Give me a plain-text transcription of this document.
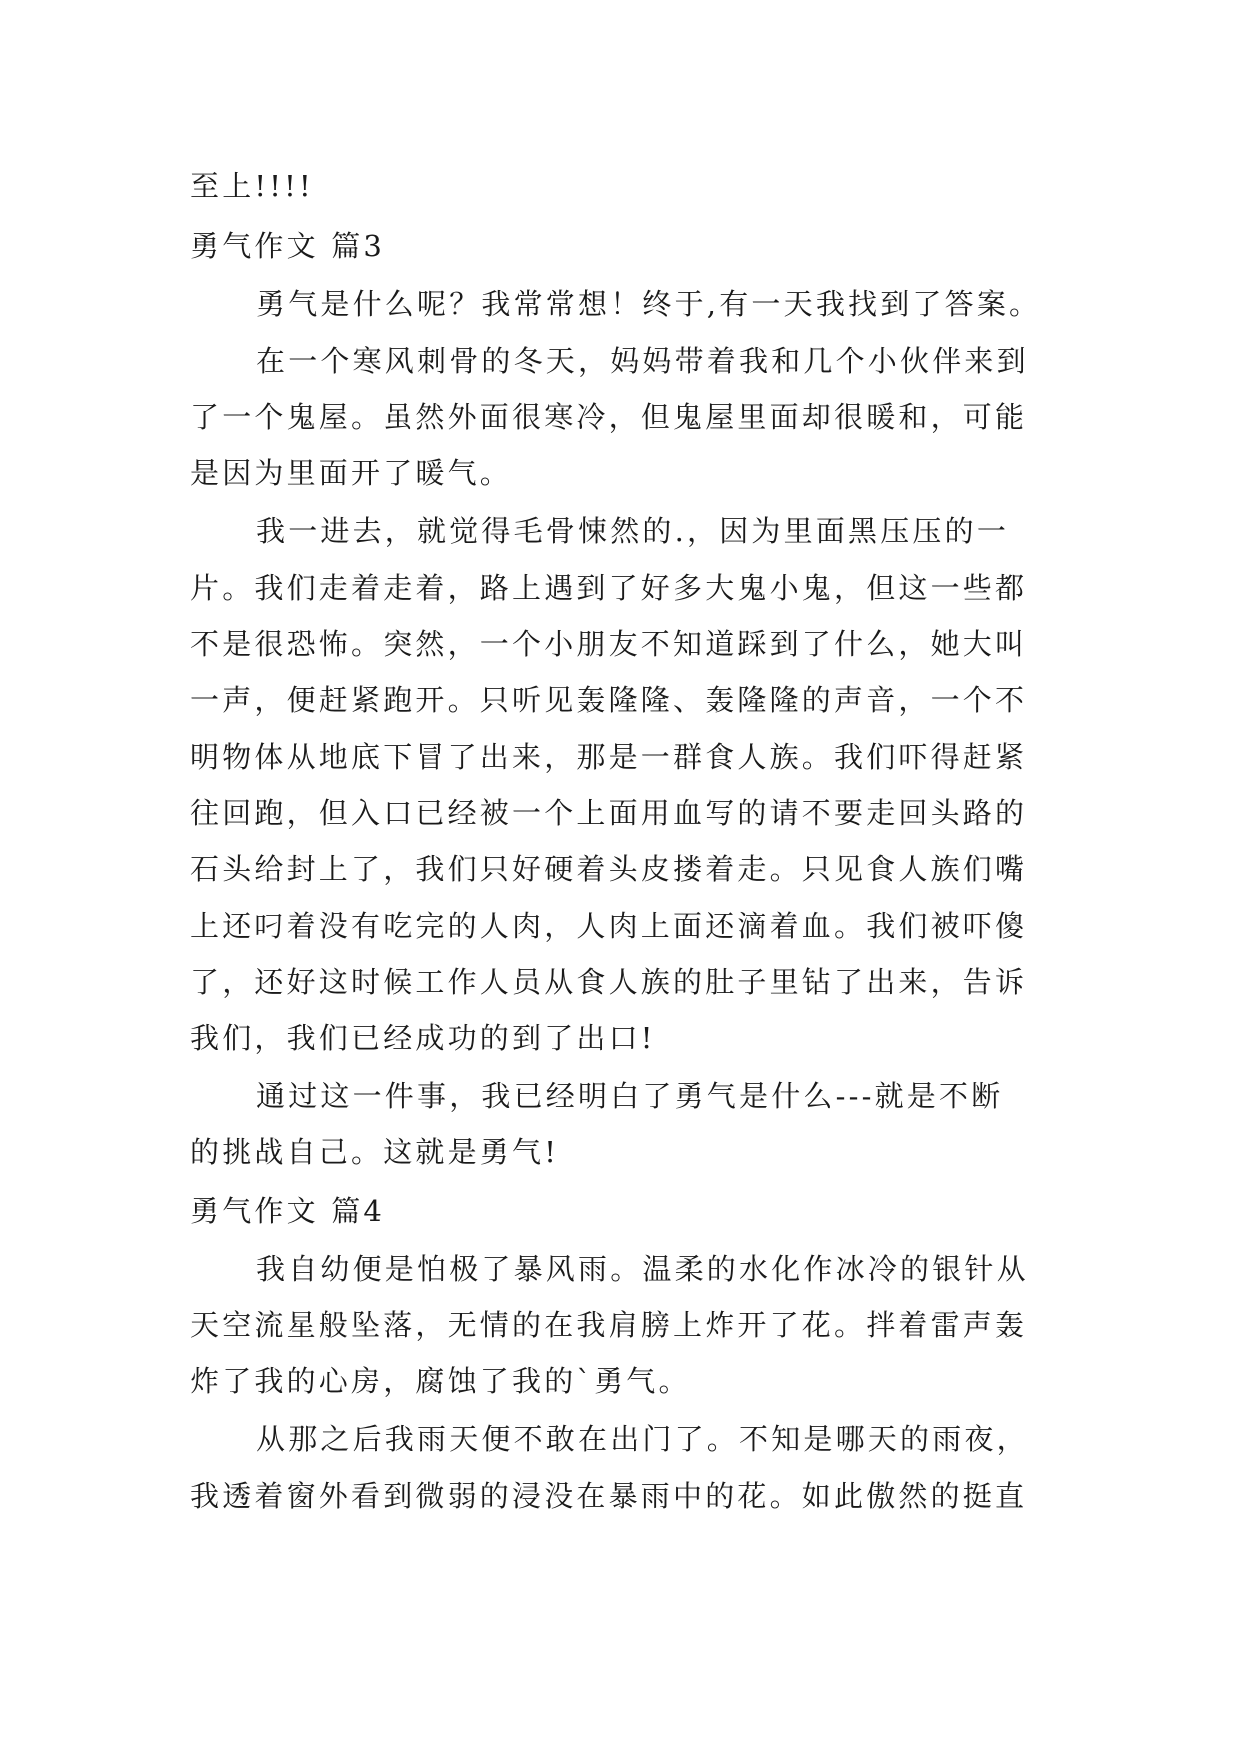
至上!!!!
勇气作文 篇3
勇气是什么呢？我常常想！终于,有一天我找到了答案。
在一个寒风刺骨的冬天，妈妈带着我和几个小伙伴来到
了一个鬼屋。虽然外面很寒冷，但鬼屋里面却很暖和，可能
是因为里面开了暖气。
我一进去，就觉得毛骨悚然的.，因为里面黑压压的一
片。我们走着走着，路上遇到了好多大鬼小鬼，但这一些都
不是很恐怖。突然，一个小朋友不知道踩到了什么，她大叫
一声，便赶紧跑开。只听见轰隆隆、轰隆隆的声音，一个不
明物体从地底下冒了出来，那是一群食人族。我们吓得赶紧
往回跑，但入口已经被一个上面用血写的请不要走回头路的
石头给封上了，我们只好硬着头皮搂着走。只见食人族们嘴
上还叼着没有吃完的人肉，人肉上面还滴着血。我们被吓傻
了，还好这时候工作人员从食人族的肚子里钻了出来，告诉
我们，我们已经成功的到了出口!
通过这一件事，我已经明白了勇气是什么---就是不断
的挑战自己。这就是勇气!
勇气作文 篇4
我自幼便是怕极了暴风雨。温柔的水化作冰冷的银针从
天空流星般坠落，无情的在我肩膀上炸开了花。拌着雷声轰
炸了我的心房，腐蚀了我的`勇气。
从那之后我雨天便不敢在出门了。不知是哪天的雨夜，
我透着窗外看到微弱的浸没在暴雨中的花。如此傲然的挺直
